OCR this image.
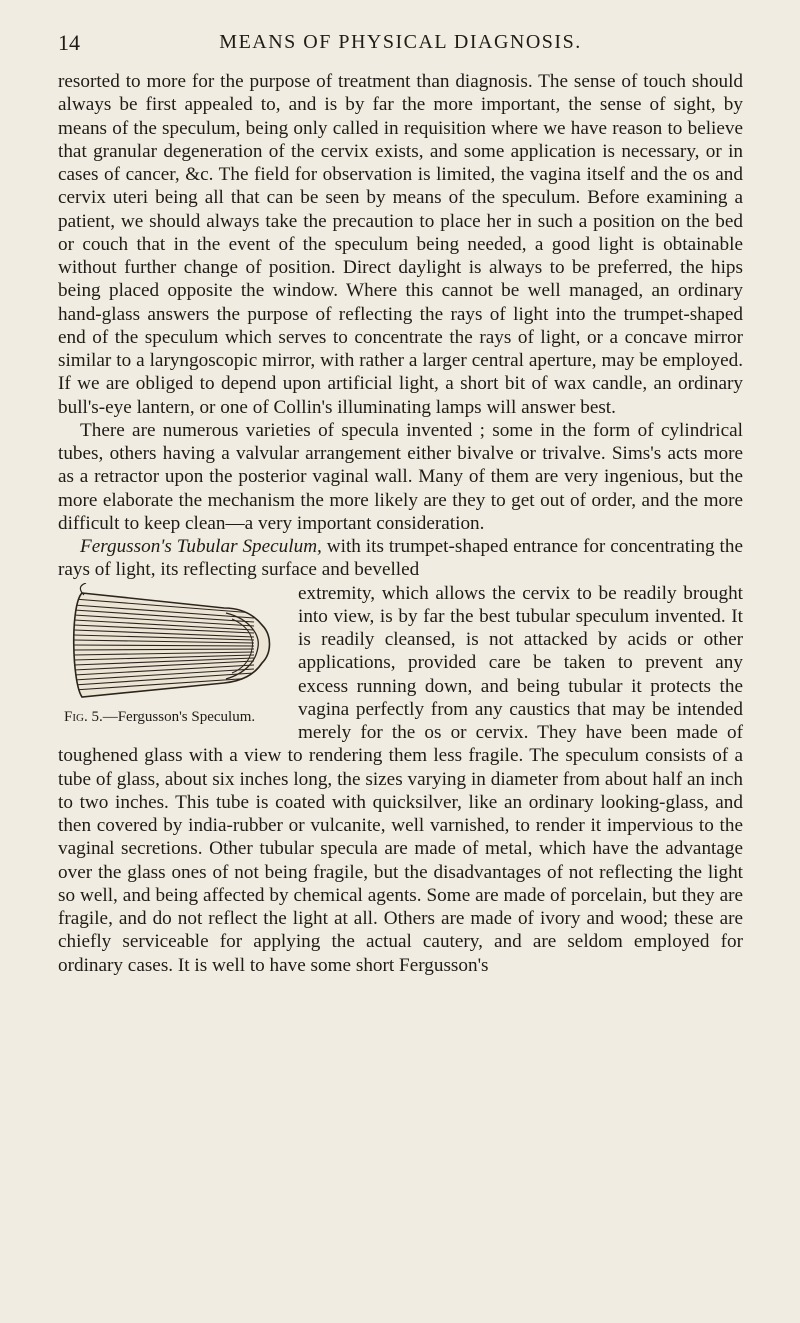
14	MEANS OF PHYSICAL DIAGNOSIS.

resorted to more for the purpose of treatment than diagnosis. The sense of touch should always be first appealed to, and is by far the more important, the sense of sight, by means of the speculum, being only called in requisition where we have reason to believe that granular degeneration of the cervix exists, and some application is necessary, or in cases of cancer, &c. The field for observation is limited, the vagina itself and the os and cervix uteri being all that can be seen by means of the speculum. Before examining a patient, we should always take the precaution to place her in such a position on the bed or couch that in the event of the speculum being needed, a good light is obtainable without further change of position. Direct daylight is always to be preferred, the hips being placed opposite the window. Where this cannot be well managed, an ordinary hand-glass answers the purpose of reflecting the rays of light into the trumpet-shaped end of the speculum which serves to concentrate the rays of light, or a concave mirror similar to a laryngoscopic mirror, with rather a larger central aperture, may be employed. If we are obliged to depend upon artificial light, a short bit of wax candle, an ordinary bull's-eye lantern, or one of Collin's illuminating lamps will answer best.

There are numerous varieties of specula invented ; some in the form of cylindrical tubes, others having a valvular arrangement either bivalve or trivalve. Sims's acts more as a retractor upon the posterior vaginal wall. Many of them are very ingenious, but the more elaborate the mechanism the more likely are they to get out of order, and the more difficult to keep clean—a very important consideration.

Fergusson's Tubular Speculum, with its trumpet-shaped entrance for concentrating the rays of light, its reflecting surface and bevelled

Fig. 5.—Fergusson's Speculum.

extremity, which allows the cervix to be readily brought into view, is by far the best tubular speculum invented. It is readily cleansed, is not attacked by acids or other applications, provided care be taken to prevent any excess running down, and being tubular it protects the vagina perfectly from any caustics that may be intended merely for the os or cervix. They have been made of toughened glass with a view to rendering them less fragile. The speculum consists of a tube of glass, about six inches long, the sizes varying in diameter from about half an inch to two inches. This tube is coated with quicksilver, like an ordinary looking-glass, and then covered by india-rubber or vulcanite, well varnished, to render it impervious to the vaginal secretions. Other tubular specula are made of metal, which have the advantage over the glass ones of not being fragile, but the disadvantages of not reflecting the light so well, and being affected by chemical agents. Some are made of porcelain, but they are fragile, and do not reflect the light at all. Others are made of ivory and wood; these are chiefly serviceable for applying the actual cautery, and are seldom employed for ordinary cases. It is well to have some short Fergusson's
